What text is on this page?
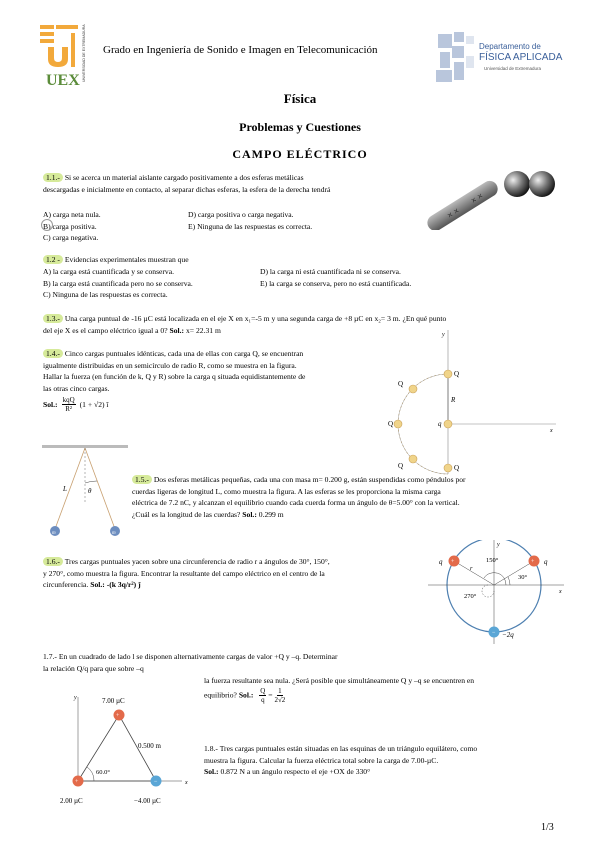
UEX UNIVERSIDAD DE EXTREMADURA Grado en Ingeniería de Sonido e Imagen en Telecomunicación	Departamento de
FÍSICA APLICADA
Universidad de Extremadura
Física
Problemas y Cuestiones
CAMPO ELÉCTRICO
1.1.- Si se acerca un material aislante cargado positivamente a dos esferas metálicas
descargadas e inicialmente en contacto, al separar dichas esferas, la esfera de la derecha tendrá
A) carga neta nula.
B) carga positiva.
C) carga negativa.
D) carga positiva o carga negativa.
E) Ninguna de las respuestas es correcta.
× ×
× ×
1.2 - Evidencias experimentales muestran que
A) la carga está cuantificada y se conserva.
B) la carga está cuantificada pero no se conserva.
C) Ninguna de las respuestas es correcta.
D) la carga ni está cuantificada ni se conserva.
E) la carga se conserva, pero no está cuantificada.
1.3.- Una carga puntual de -16 µC está localizada en el eje X en x₁=-5 m y una segunda carga de +8 µC en x₂= 3 m. ¿En qué punto
del eje X es el campo eléctrico igual a 0? Sol.: x= 22.31 m
1.4.- Cinco cargas puntuales idénticas, cada una de ellas con carga Q, se encuentran
igualmente distribuidas en un semicírculo de radio R, como se muestra en la figura.
Hallar la fuerza (en función de k, Q y R) sobre la carga q situada equidistantemente de
las otras cinco cargas.
Sol.: kqQ
R² (1 + √2) î
Q
Q
Q
Q	Q
q
R
x
y
m	m
L	θ
1.5.- Dos esferas metálicas pequeñas, cada una con masa m= 0.200 g, están suspendidas como péndulos por
cuerdas ligeras de longitud L, como muestra la figura. A las esferas se les proporciona la misma carga
eléctrica de 7.2 nC, y alcanzan el equilibrio cuando cada cuerda forma un ángulo de θ=5.00° con la vertical.
¿Cuál es la longitud de las cuerdas? Sol.: 0.299 m
1.6.- Tres cargas puntuales yacen sobre una circunferencia de radio r a ángulos de 30°, 150°,
y 270°, como muestra la figura. Encontrar la resultante del campo eléctrico en el centro de la
circunferencia. Sol.: -(k 3q/r²) ĵ
+	+
−
q	q
−2q
150°
30°
270°
r
x
y
1.7.- En un cuadrado de lado l se disponen alternativamente cargas de valor +Q y –q. Determinar
la relación Q/q para que sobre –q
la fuerza resultante sea nula. ¿Será posible que simultáneamente Q y –q se encuentren en
equilibrio? Sol.: $\frac{Q}{q} = \frac{1}{2√2}$
+
+	−
7.00 µC
2.00 µC	−4.00 µC
0.500 m
60.0°
x
y
1.8.- Tres cargas puntuales están situadas en las esquinas de un triángulo equilátero, como
muestra la figura. Calcular la fuerza eléctrica total sobre la carga de 7.00-µC.
Sol.: 0.872 N a un ángulo respecto el eje +OX de 330°
1/3
